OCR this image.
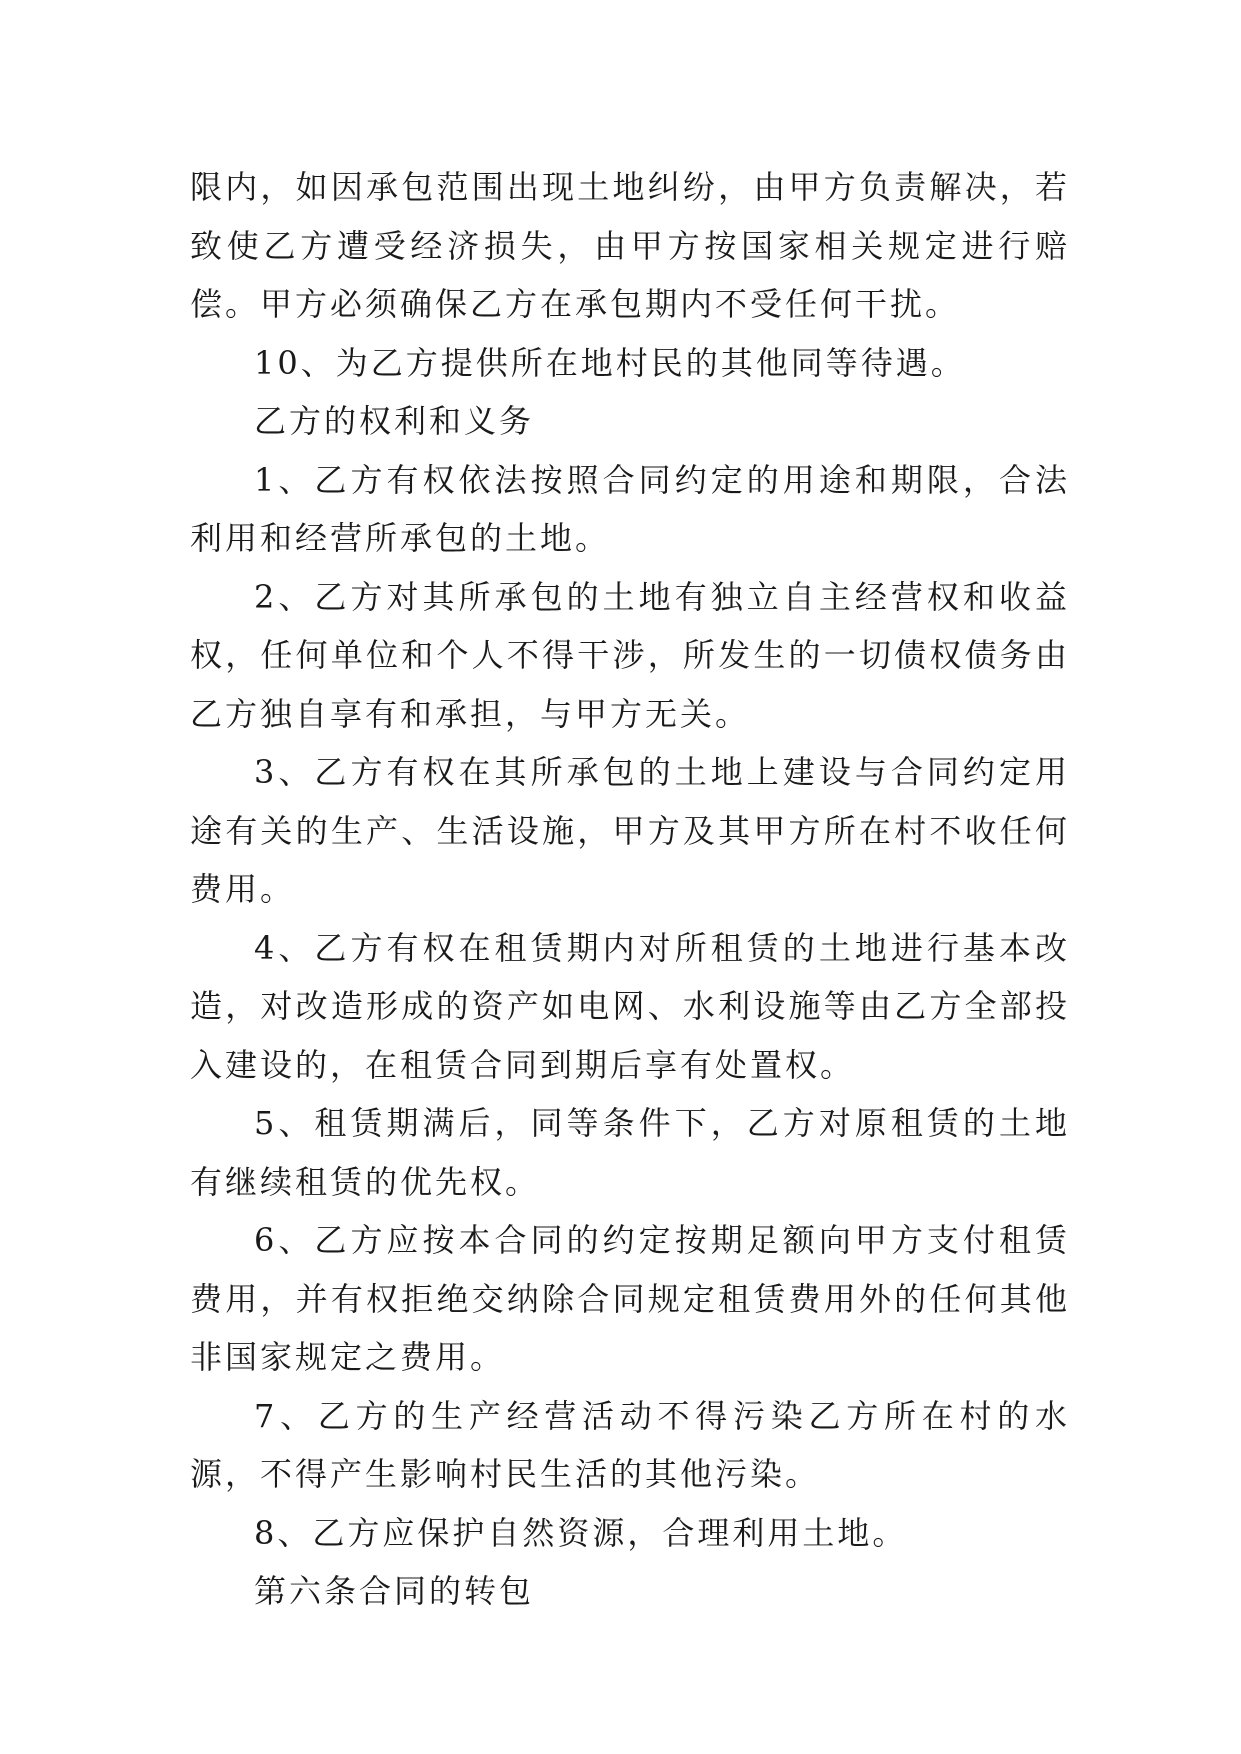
限内，如因承包范围出现土地纠纷，由甲方负责解决，若致使乙方遭受经济损失，由甲方按国家相关规定进行赔偿。甲方必须确保乙方在承包期内不受任何干扰。

10、为乙方提供所在地村民的其他同等待遇。

乙方的权利和义务

1、乙方有权依法按照合同约定的用途和期限，合法利用和经营所承包的土地。

2、乙方对其所承包的土地有独立自主经营权和收益权，任何单位和个人不得干涉，所发生的一切债权债务由乙方独自享有和承担，与甲方无关。

3、乙方有权在其所承包的土地上建设与合同约定用途有关的生产、生活设施，甲方及其甲方所在村不收任何费用。

4、乙方有权在租赁期内对所租赁的土地进行基本改造，对改造形成的资产如电网、水利设施等由乙方全部投入建设的，在租赁合同到期后享有处置权。

5、租赁期满后，同等条件下，乙方对原租赁的土地有继续租赁的优先权。

6、乙方应按本合同的约定按期足额向甲方支付租赁费用，并有权拒绝交纳除合同规定租赁费用外的任何其他非国家规定之费用。

7、乙方的生产经营活动不得污染乙方所在村的水源，不得产生影响村民生活的其他污染。

8、乙方应保护自然资源，合理利用土地。

第六条合同的转包
